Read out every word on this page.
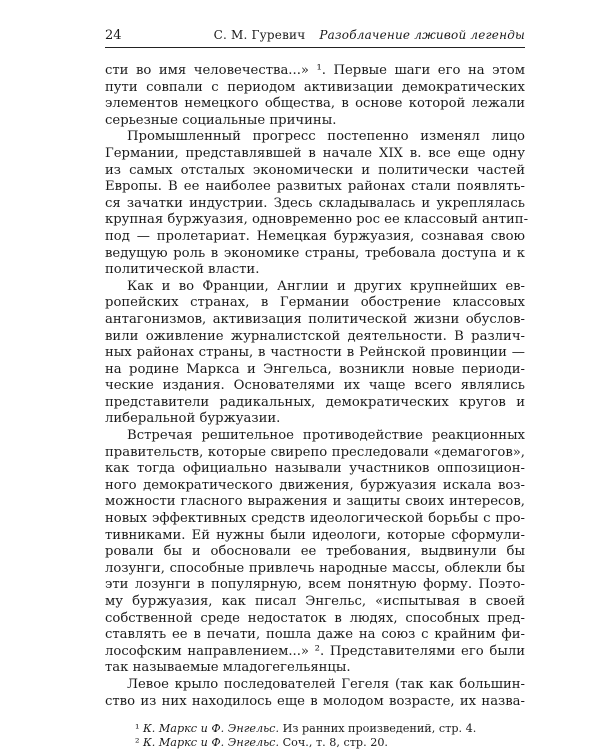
24	С. М. Гуревич Разоблачение лживой легенды
сти во имя человечества...» ¹. Первые шаги его на этом
пути совпали с периодом активизации демократических
элементов немецкого общества, в основе которой лежали
серьезные социальные причины.
Промышленный прогресс постепенно изменял лицо
Германии, представлявшей в начале XIX в. все еще одну
из самых отсталых экономически и политически частей
Европы. В ее наиболее развитых районах стали появлять-
ся зачатки индустрии. Здесь складывалась и укреплялась
крупная буржуазия, одновременно рос ее классовый антип-
под — пролетариат. Немецкая буржуазия, сознавая свою
ведущую роль в экономике страны, требовала доступа и к
политической власти.
Как и во Франции, Англии и других крупнейших ев-
ропейских странах, в Германии обострение классовых
антагонизмов, активизация политической жизни обуслов-
вили оживление журналистской деятельности. В различ-
ных районах страны, в частности в Рейнской провинции —
на родине Маркса и Энгельса, возникли новые периоди-
ческие издания. Основателями их чаще всего являлись
представители радикальных, демократических кругов и
либеральной буржуазии.
Встречая решительное противодействие реакционных
правительств, которые свирепо преследовали «демагогов»,
как тогда официально называли участников оппозицион-
ного демократического движения, буржуазия искала воз-
можности гласного выражения и защиты своих интересов,
новых эффективных средств идеологической борьбы с про-
тивниками. Ей нужны были идеологи, которые сформули-
ровали бы и обосновали ее требования, выдвинули бы
лозунги, способные привлечь народные массы, облекли бы
эти лозунги в популярную, всем понятную форму. Поэто-
му буржуазия, как писал Энгельс, «испытывая в своей
собственной среде недостаток в людях, способных пред-
ставлять ее в печати, пошла даже на союз с крайним фи-
лософским направлением...» ². Представителями его были
так называемые младогегельянцы.
Левое крыло последователей Гегеля (так как большин-
ство из них находилось еще в молодом возрасте, их назва-
¹ К. Маркс и Ф. Энгельс. Из ранних произведений, стр. 4.
² К. Маркс и Ф. Энгельс. Соч., т. 8, стр. 20.
